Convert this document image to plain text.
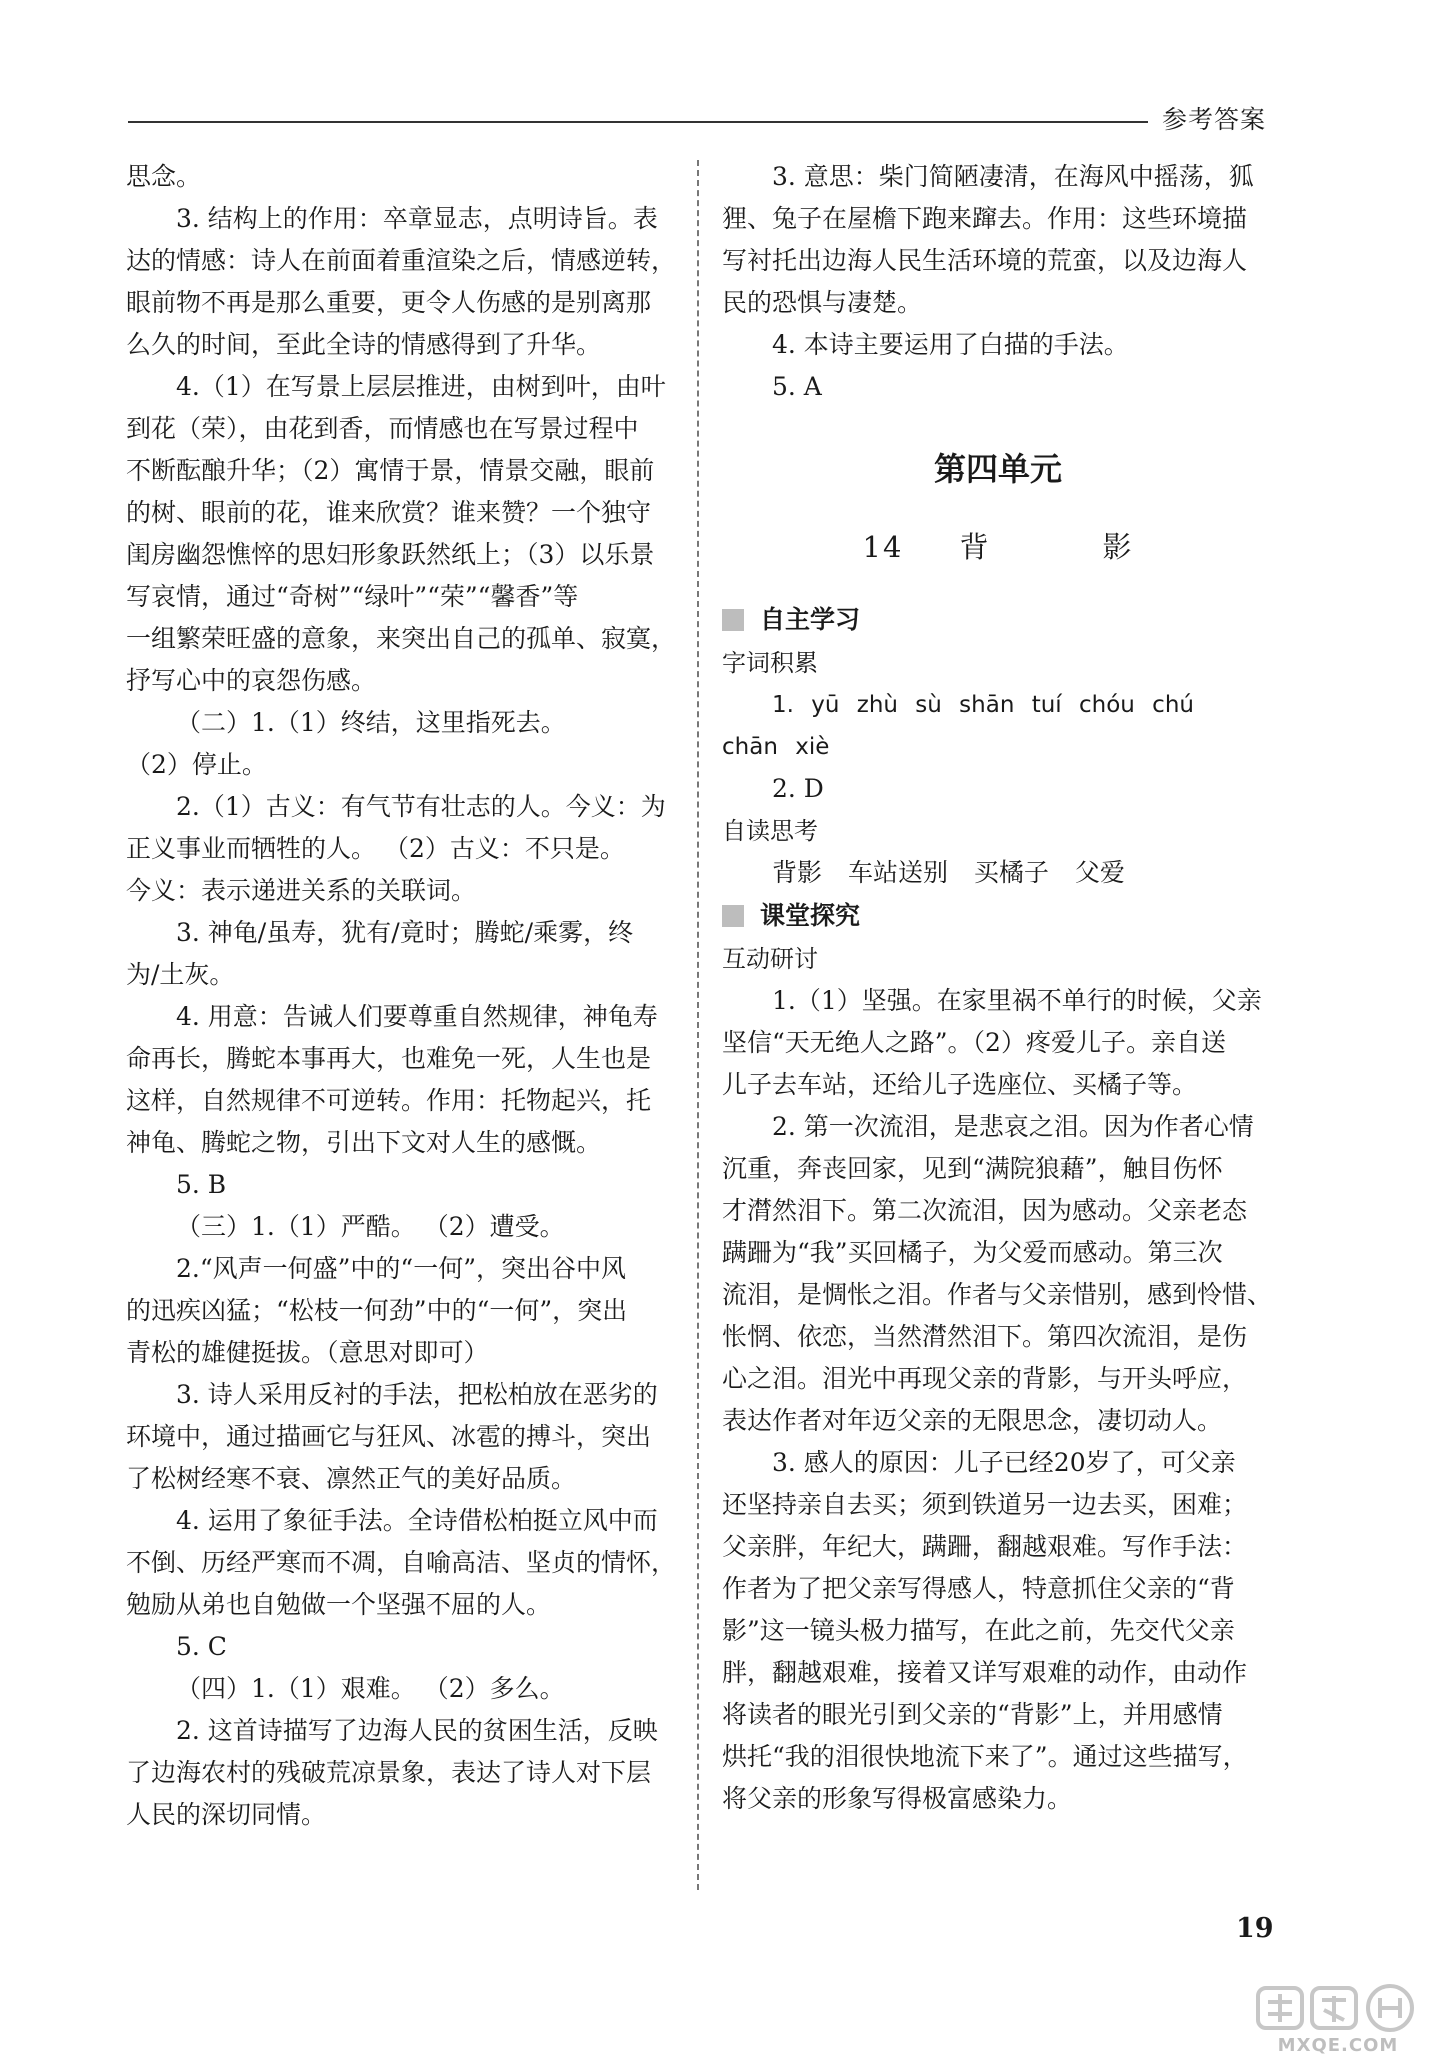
参考答案
思念。
3. 结构上的作用：卒章显志，点明诗旨。表
达的情感：诗人在前面着重渲染之后，情感逆转，
眼前物不再是那么重要，更令人伤感的是别离那
么久的时间，至此全诗的情感得到了升华。
4.（1）在写景上层层推进，由树到叶，由叶
到花（荣），由花到香，而情感也在写景过程中
不断酝酿升华；（2）寓情于景，情景交融，眼前
的树、眼前的花，谁来欣赏？谁来赞？一个独守
闺房幽怨憔悴的思妇形象跃然纸上；（3）以乐景
写哀情，通过“奇树”“绿叶”“荣”“馨香”等
一组繁荣旺盛的意象，来突出自己的孤单、寂寞，
抒写心中的哀怨伤感。
（二）1.（1）终结，这里指死去。
（2）停止。
2.（1）古义：有气节有壮志的人。今义：为
正义事业而牺牲的人。 （2）古义：不只是。
今义：表示递进关系的关联词。
3. 神龟/虽寿，犹有/竟时；腾蛇/乘雾，终
为/土灰。
4. 用意：告诫人们要尊重自然规律，神龟寿
命再长，腾蛇本事再大，也难免一死，人生也是
这样，自然规律不可逆转。作用：托物起兴，托
神龟、腾蛇之物，引出下文对人生的感慨。
5. B
（三）1.（1）严酷。 （2）遭受。
2.“风声一何盛”中的“一何”，突出谷中风
的迅疾凶猛；“松枝一何劲”中的“一何”，突出
青松的雄健挺拔。（意思对即可）
3. 诗人采用反衬的手法，把松柏放在恶劣的
环境中，通过描画它与狂风、冰雹的搏斗，突出
了松树经寒不衰、凛然正气的美好品质。
4. 运用了象征手法。全诗借松柏挺立风中而
不倒、历经严寒而不凋，自喻高洁、坚贞的情怀，
勉励从弟也自勉做一个坚强不屈的人。
5. C
（四）1.（1）艰难。 （2）多么。
2. 这首诗描写了边海人民的贫困生活，反映
了边海农村的残破荒凉景象，表达了诗人对下层
人民的深切同情。
3. 意思：柴门简陋凄清，在海风中摇荡，狐
狸、兔子在屋檐下跑来蹿去。作用：这些环境描
写衬托出边海人民生活环境的荒蛮，以及边海人
民的恐惧与凄楚。
4. 本诗主要运用了白描的手法。
5. A
第四单元
14 背	影
自主学习
字词积累
1. yū zhù sù shān tuí chóu chú
chān xiè
2. D
自读思考
背影 车站送别 买橘子 父爱
课堂探究
互动研讨
1.（1）坚强。在家里祸不单行的时候，父亲
坚信“天无绝人之路”。（2）疼爱儿子。亲自送
儿子去车站，还给儿子选座位、买橘子等。
2. 第一次流泪，是悲哀之泪。因为作者心情
沉重，奔丧回家，见到“满院狼藉”，触目伤怀
才潸然泪下。第二次流泪，因为感动。父亲老态
蹒跚为“我”买回橘子，为父爱而感动。第三次
流泪，是惆怅之泪。作者与父亲惜别，感到怜惜、
怅惘、依恋，当然潸然泪下。第四次流泪，是伤
心之泪。泪光中再现父亲的背影，与开头呼应，
表达作者对年迈父亲的无限思念，凄切动人。
3. 感人的原因：儿子已经20岁了，可父亲
还坚持亲自去买；须到铁道另一边去买，困难；
父亲胖，年纪大，蹒跚，翻越艰难。写作手法：
作者为了把父亲写得感人，特意抓住父亲的“背
影”这一镜头极力描写，在此之前，先交代父亲
胖，翻越艰难，接着又详写艰难的动作，由动作
将读者的眼光引到父亲的“背影”上，并用感情
烘托“我的泪很快地流下来了”。通过这些描写，
将父亲的形象写得极富感染力。
19
MXQE.COM
